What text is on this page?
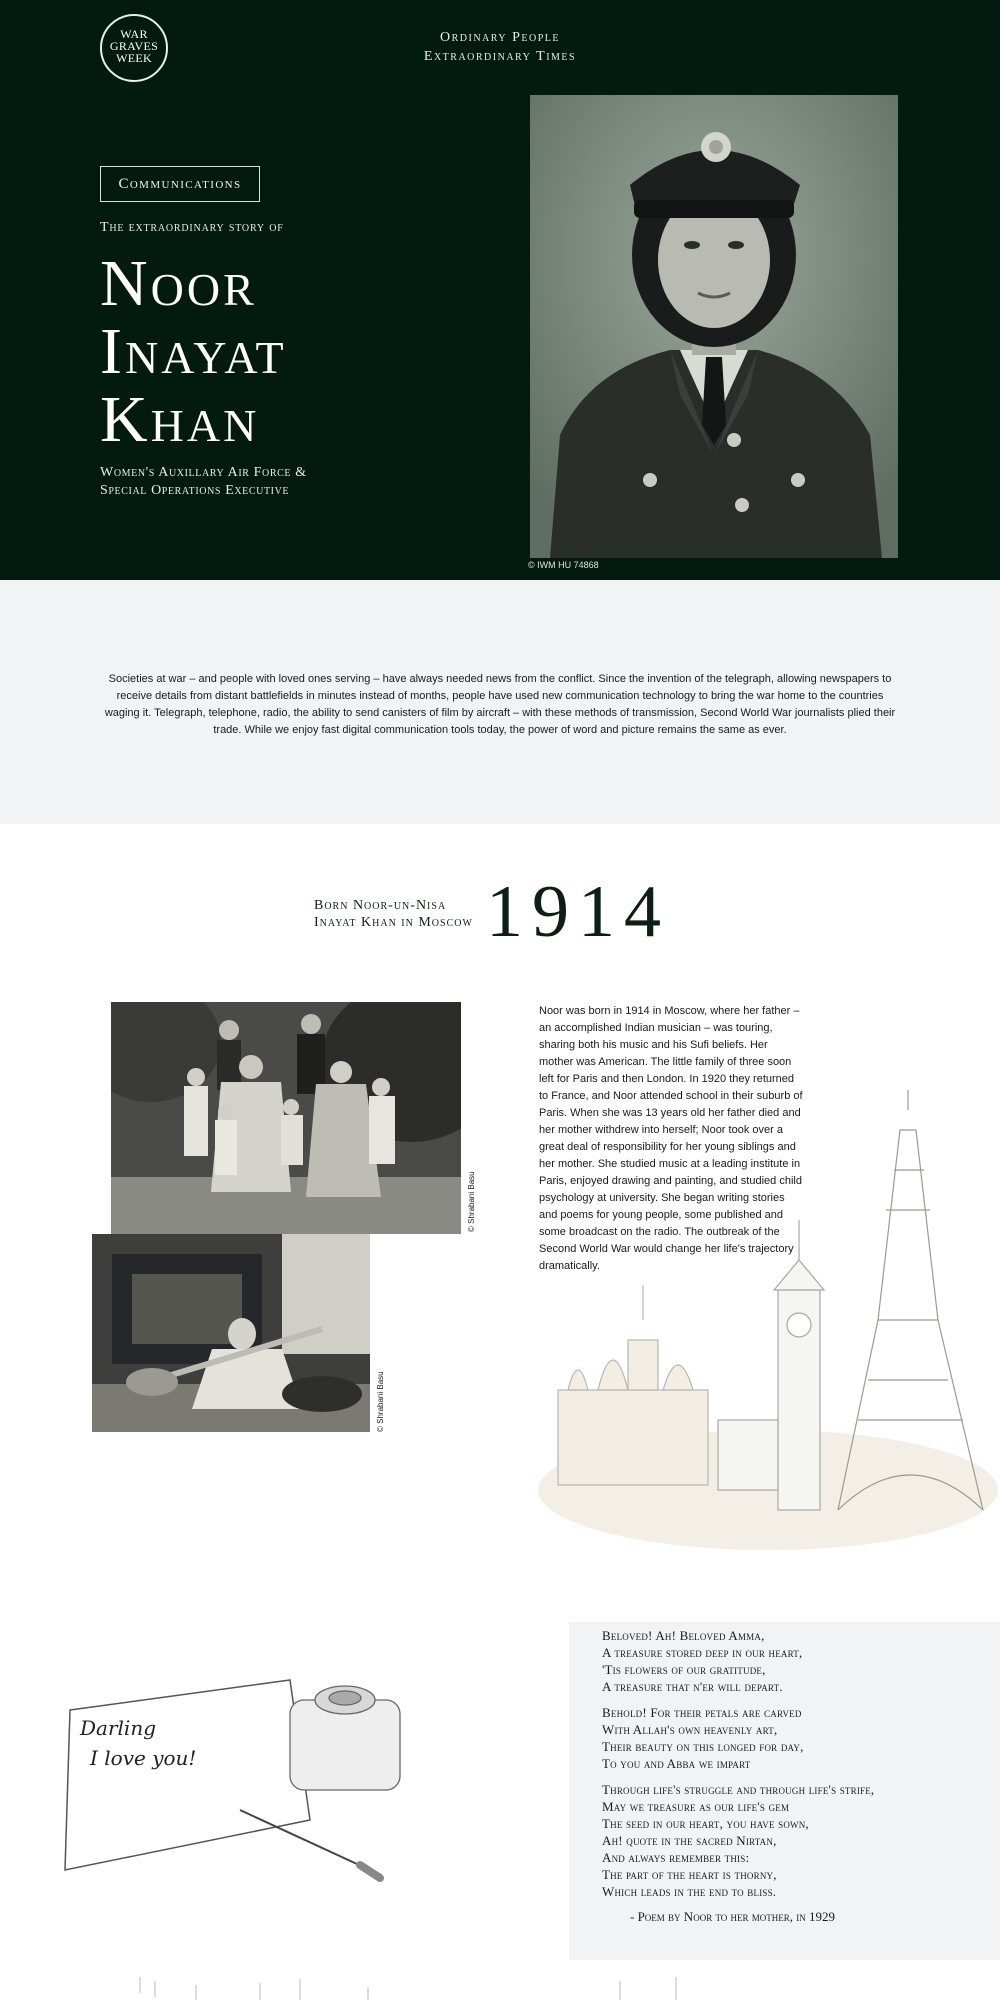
WAR
GRAVES
WEEK
Ordinary People
Extraordinary Times
Communications
The extraordinary story of
Noor
Inayat
Khan
Women's Auxillary Air Force &
Special Operations Executive
© IWM HU 74868
Societies at war – and people with loved ones serving – have always needed news from the conflict. Since the invention of the telegraph, allowing newspapers to receive details from distant battlefields in minutes instead of months, people have used new communication technology to bring the war home to the countries waging it. Telegraph, telephone, radio, the ability to send canisters of film by aircraft – with these methods of transmission, Second World War journalists plied their trade. While we enjoy fast digital communication tools today, the power of word and picture remains the same as ever.
Born Noor-un-Nisa
Inayat Khan in Moscow 1914
© Shrabani Basu
© Shrabani Basu
Noor was born in 1914 in Moscow, where her father – an accomplished Indian musician – was touring, sharing both his music and his Sufi beliefs. Her mother was American. The little family of three soon left for Paris and then London. In 1920 they returned to France, and Noor attended school in their suburb of Paris. When she was 13 years old her father died and her mother withdrew into herself; Noor took over a great deal of responsibility for her young siblings and her mother. She studied music at a leading institute in Paris, enjoyed drawing and painting, and studied child psychology at university. She began writing stories and poems for young people, some published and some broadcast on the radio. The outbreak of the Second World War would change her life's trajectory dramatically.
Darling
I love you!
Beloved! Ah! Beloved Amma,
A treasure stored deep in our heart,
'Tis flowers of our gratitude,
A treasure that n'er will depart.
Behold! For their petals are carved
With Allah's own heavenly art,
Their beauty on this longed for day,
To you and Abba we impart
Through life's struggle and through life's strife,
May we treasure as our life's gem
The seed in our heart, you have sown,
Ah! quote in the sacred Nirtan,
And always remember this:
The part of the heart is thorny,
Which leads in the end to bliss.
- Poem by Noor to her mother, in 1929
